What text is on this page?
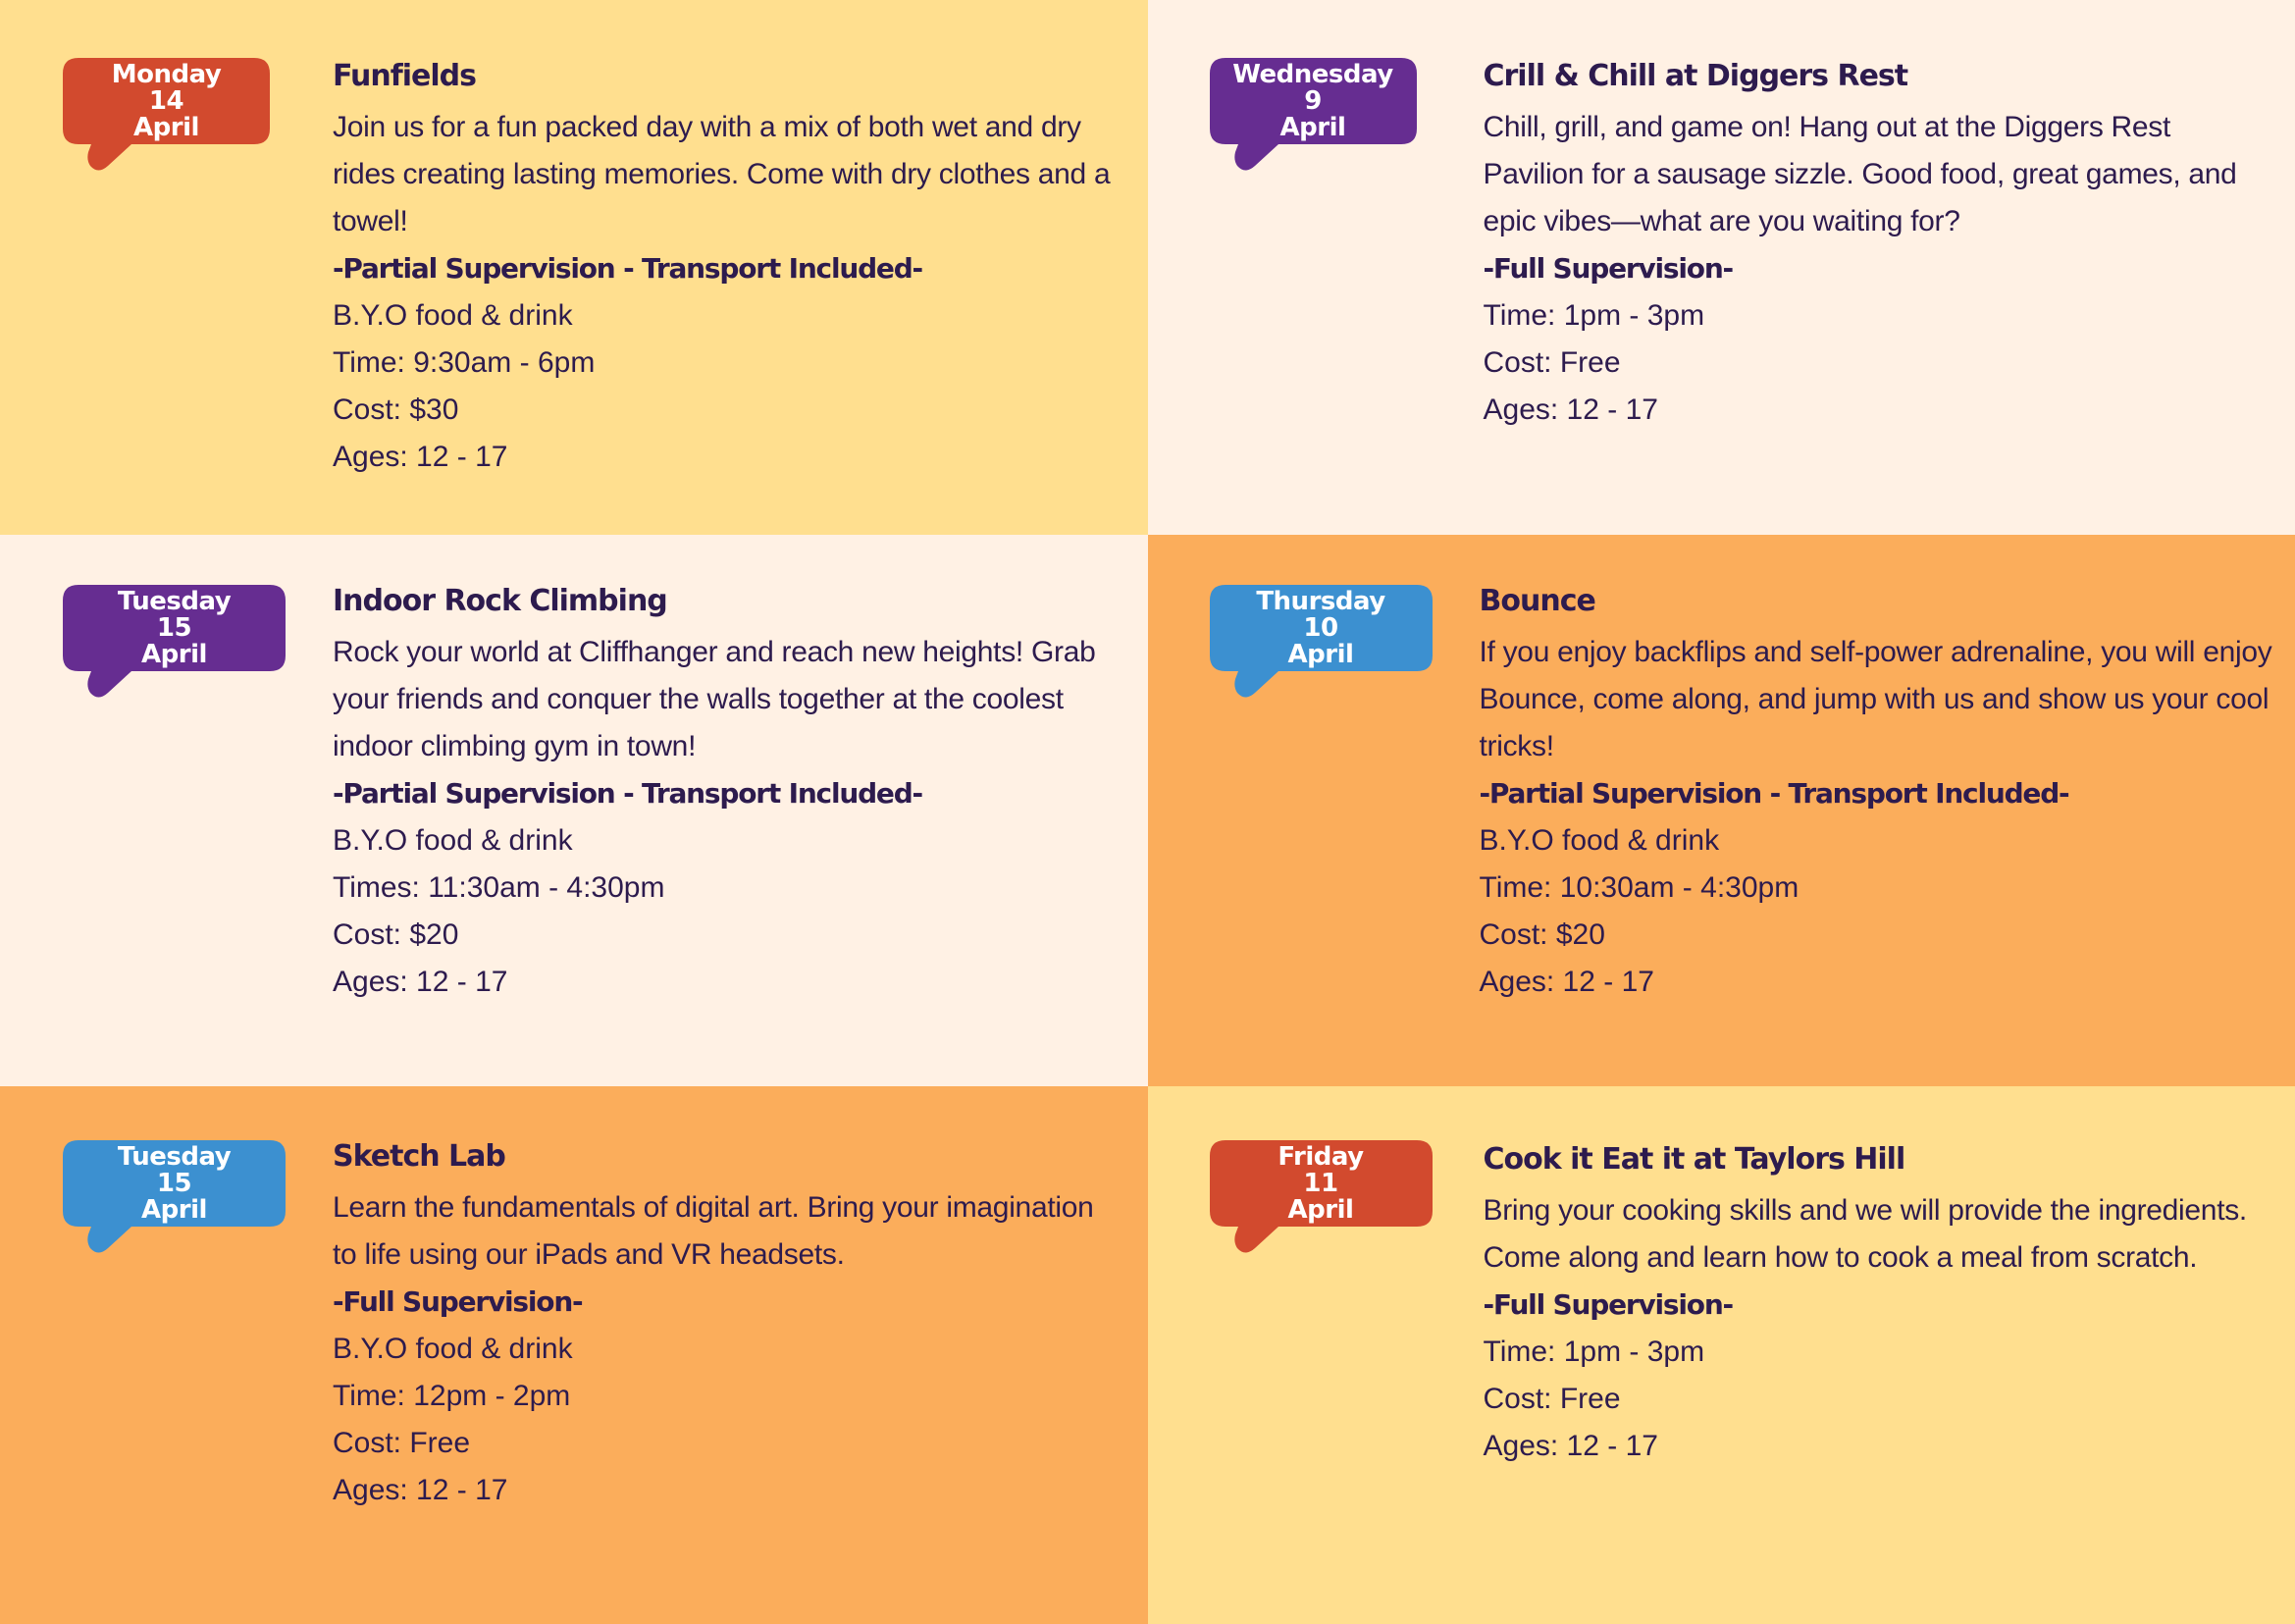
Monday
14
April
Funfields
Join us for a fun packed day with a mix of both wet and dry rides creating lasting memories. Come with dry clothes and a towel!
-Partial Supervision - Transport Included-
B.Y.O food & drink
Time: 9:30am - 6pm
Cost: $30
Ages: 12 - 17
Wednesday
9
April
Crill & Chill at Diggers Rest
Chill, grill, and game on! Hang out at the Diggers Rest Pavilion for a sausage sizzle. Good food, great games, and epic vibes—what are you waiting for?
-Full Supervision-
Time: 1pm - 3pm
Cost: Free
Ages: 12 - 17
Tuesday
15
April
Indoor Rock Climbing
Rock your world at Cliffhanger and reach new heights! Grab your friends and conquer the walls together at the coolest indoor climbing gym in town!
-Partial Supervision - Transport Included-
B.Y.O food & drink
Times: 11:30am - 4:30pm
Cost: $20
Ages: 12 - 17
Thursday
10
April
Bounce
If you enjoy backflips and self-power adrenaline, you will enjoy Bounce, come along, and jump with us and show us your cool tricks!
-Partial Supervision - Transport Included-
B.Y.O food & drink
Time: 10:30am - 4:30pm
Cost: $20
Ages: 12 - 17
Tuesday
15
April
Sketch Lab
Learn the fundamentals of digital art. Bring your imagination to life using our iPads and VR headsets.
-Full Supervision-
B.Y.O food & drink
Time: 12pm - 2pm
Cost: Free
Ages: 12 - 17
Friday
11
April
Cook it Eat it at Taylors Hill
Bring your cooking skills and we will provide the ingredients. Come along and learn how to cook a meal from scratch.
-Full Supervision-
Time: 1pm - 3pm
Cost: Free
Ages: 12 - 17
